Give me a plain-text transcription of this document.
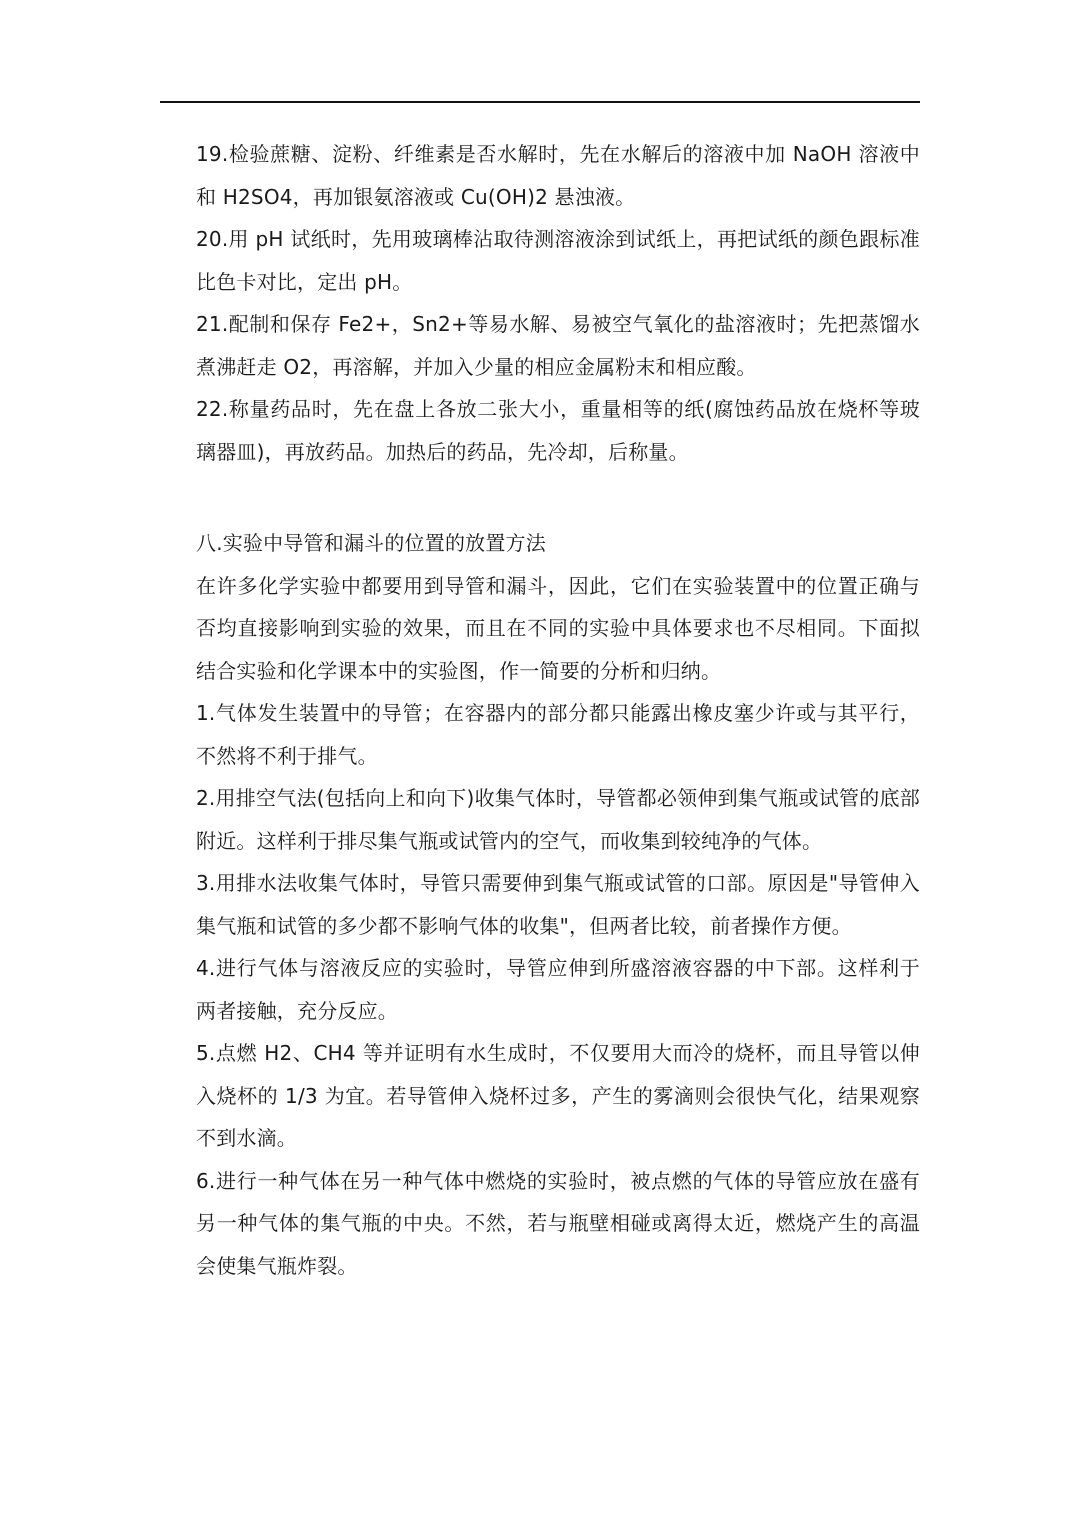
19.检验蔗糖、淀粉、纤维素是否水解时，先在水解后的溶液中加 NaOH 溶液中和 H2SO4，再加银氨溶液或 Cu(OH)2 悬浊液。

20.用 pH 试纸时，先用玻璃棒沾取待测溶液涂到试纸上，再把试纸的颜色跟标准比色卡对比，定出 pH。

21.配制和保存 Fe2+，Sn2+等易水解、易被空气氧化的盐溶液时；先把蒸馏水煮沸赶走 O2，再溶解，并加入少量的相应金属粉末和相应酸。

22.称量药品时，先在盘上各放二张大小，重量相等的纸(腐蚀药品放在烧杯等玻璃器皿)，再放药品。加热后的药品，先冷却，后称量。

八.实验中导管和漏斗的位置的放置方法

在许多化学实验中都要用到导管和漏斗，因此，它们在实验装置中的位置正确与否均直接影响到实验的效果，而且在不同的实验中具体要求也不尽相同。下面拟结合实验和化学课本中的实验图，作一简要的分析和归纳。

1.气体发生装置中的导管；在容器内的部分都只能露出橡皮塞少许或与其平行，不然将不利于排气。

2.用排空气法(包括向上和向下)收集气体时，导管都必领伸到集气瓶或试管的底部附近。这样利于排尽集气瓶或试管内的空气，而收集到较纯净的气体。

3.用排水法收集气体时，导管只需要伸到集气瓶或试管的口部。原因是"导管伸入集气瓶和试管的多少都不影响气体的收集"，但两者比较，前者操作方便。

4.进行气体与溶液反应的实验时，导管应伸到所盛溶液容器的中下部。这样利于两者接触，充分反应。

5.点燃 H2、CH4 等并证明有水生成时，不仅要用大而冷的烧杯，而且导管以伸入烧杯的 1/3 为宜。若导管伸入烧杯过多，产生的雾滴则会很快气化，结果观察不到水滴。

6.进行一种气体在另一种气体中燃烧的实验时，被点燃的气体的导管应放在盛有另一种气体的集气瓶的中央。不然，若与瓶壁相碰或离得太近，燃烧产生的高温会使集气瓶炸裂。
